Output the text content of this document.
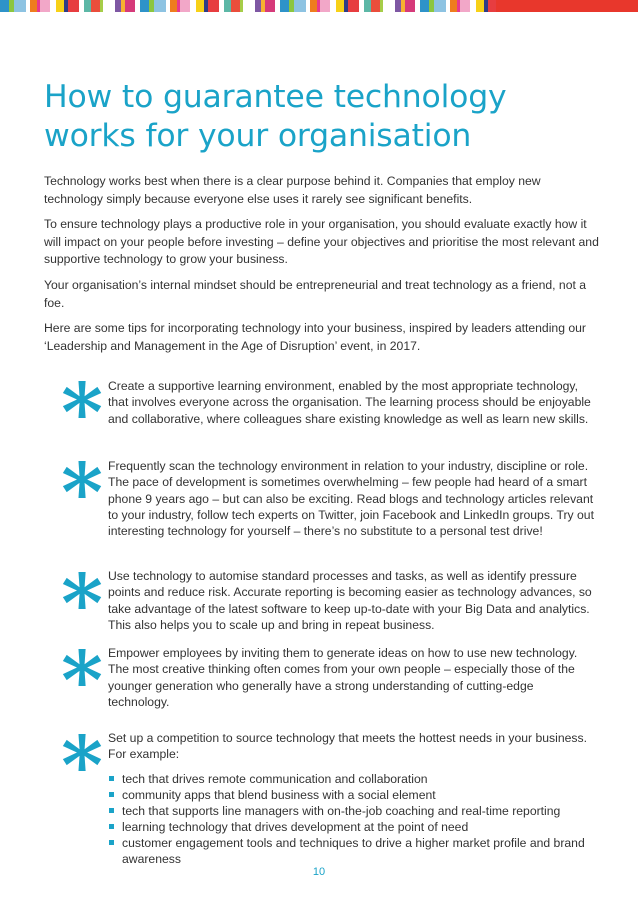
How to guarantee technology works for your organisation

Technology works best when there is a clear purpose behind it. Companies that employ new technology simply because everyone else uses it rarely see significant benefits.

To ensure technology plays a productive role in your organisation, you should evaluate exactly how it will impact on your people before investing – define your objectives and prioritise the most relevant and supportive technology to grow your business.

Your organisation’s internal mindset should be entrepreneurial and treat technology as a friend, not a foe.

Here are some tips for incorporating technology into your business, inspired by leaders attending our ‘Leadership and Management in the Age of Disruption’ event, in 2017.

* Create a supportive learning environment, enabled by the most appropriate technology, that involves everyone across the organisation. The learning process should be enjoyable and collaborative, where colleagues share existing knowledge as well as learn new skills.

* Frequently scan the technology environment in relation to your industry, discipline or role. The pace of development is sometimes overwhelming – few people had heard of a smart phone 9 years ago – but can also be exciting. Read blogs and technology articles relevant to your industry, follow tech experts on Twitter, join Facebook and LinkedIn groups. Try out interesting technology for yourself – there’s no substitute to a personal test drive!

* Use technology to automise standard processes and tasks, as well as identify pressure points and reduce risk. Accurate reporting is becoming easier as technology advances, so take advantage of the latest software to keep up-to-date with your Big Data and analytics. This also helps you to scale up and bring in repeat business.

* Empower employees by inviting them to generate ideas on how to use new technology. The most creative thinking often comes from your own people – especially those of the younger generation who generally have a strong understanding of cutting-edge technology.

* Set up a competition to source technology that meets the hottest needs in your business. For example:

tech that drives remote communication and collaboration
community apps that blend business with a social element
tech that supports line managers with on-the-job coaching and real-time reporting
learning technology that drives development at the point of need
customer engagement tools and techniques to drive a higher market profile and brand awareness
10
